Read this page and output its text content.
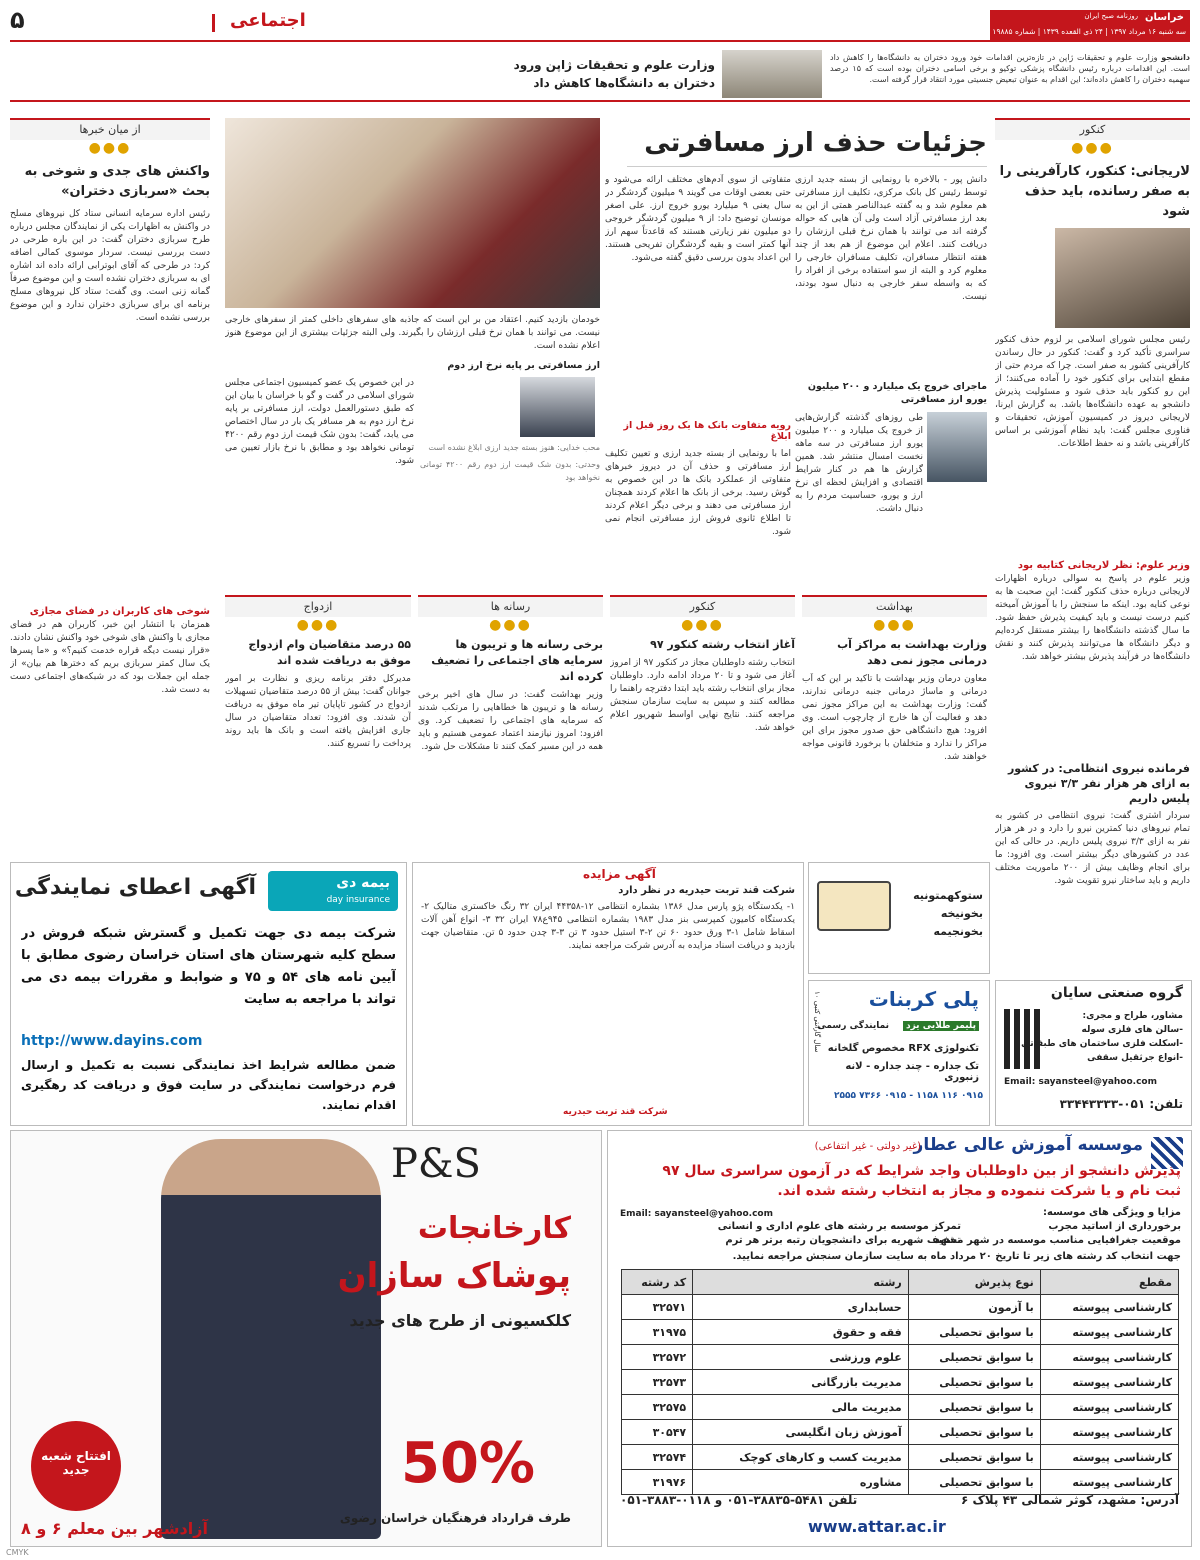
۵	اجتماعی	خراسان
روزنامه صبح ایران
سه شنبه ۱۶ مرداد ۱۳۹۷ | ۲۴ ذی القعده ۱۴۳۹ | شماره ۱۹۸۸۵
دانشجو وزارت علوم و تحقیقات ژاپن در تازه‌ترین اقدامات خود ورود دختران به دانشگاه‌ها را کاهش داد است. این اقدامات درباره رئیس دانشگاه پزشکی توکیو و برخی اسامی دختران بوده است که ۱۵ درصد سهمیه دختران را کاهش داده‌اند؛ این اقدام به عنوان تبعیض جنسیتی مورد انتقاد قرار گرفته است.
وزارت علوم و تحقیقات ژاپن ورود
دختران به دانشگاه‌ها کاهش داد
کنکور
●●●
لاریجانی: کنکور، کارآفرینی را به صفر رسانده، باید حذف شود
رئیس مجلس شورای اسلامی بر لزوم حذف کنکور سراسری تأکید کرد و گفت: کنکور در حال رساندن کارآفرینی کشور به صفر است. چرا که مردم حتی از مقطع ابتدایی برای کنکور خود را آماده می‌کنند؛ از این رو کنکور باید حذف شود و مسئولیت پذیرش دانشجو به عهده دانشگاه‌ها باشد. به گزارش ایرنا، لاریجانی دیروز در کمیسیون آموزش، تحقیقات و فناوری مجلس گفت: باید نظام آموزشی بر اساس کارآفرینی باشد و نه حفظ اطلاعات.
وزیر علوم: نظر لاریجانی کتابیه بود
وزیر علوم در پاسخ به سوالی درباره اظهارات لاریجانی درباره حذف کنکور گفت: این صحبت ها به نوعی کنایه بود. اینکه ما سنجش را با آموزش آمیخته کنیم درست نیست و باید کیفیت پذیرش حفظ شود. ما سال گذشته دانشگاه‌ها را بیشتر مستقل کرده‌ایم و دیگر دانشگاه ها می‌توانند پذیرش کنند و نقش دانشگاه‌ها در فرآیند پذیرش بیشتر خواهد شد.
فرمانده نیروی انتظامی: در کشور به ازای هر هزار نفر ۳/۳ نیروی پلیس داریم
سردار اشتری گفت: نیروی انتظامی در کشور به تمام نیروهای دنیا کمترین نیرو را دارد و در هر هزار نفر به ازای ۳/۳ نیروی پلیس داریم. در حالی که این عدد در کشورهای دیگر بیشتر است. وی افزود: ما برای انجام وظایف بیش از ۲۰۰ ماموریت مختلف داریم و باید ساختار نیرو تقویت شود.
جزئیات حذف ارز مسافرتی
دانش پور - بالاخره با رونمایی از بسته جدید ارزی توسط رئیس کل بانک مرکزی، تکلیف ارز مسافرتی هم معلوم شد و به گفته عبدالناصر همتی از این به بعد ارز مسافرتی آزاد است ولی آن هایی که حواله گرفته اند می توانند با همان نرخ قبلی ارزشان را دریافت کنند. اعلام این موضوع از هم بعد از چند هفته انتظار مسافران، تکلیف مسافران خارجی را معلوم کرد و البته از سو استفاده برخی از افراد را که به واسطه سفر خارجی به دنبال سود بودند، نیست.
ماجرای خروج یک میلیارد و ۲۰۰ میلیون یورو ارز مسافرتی
طی روزهای گذشته گزارش‌هایی از خروج یک میلیارد و ۲۰۰ میلیون یورو ارز مسافرتی در سه ماهه نخست امسال منتشر شد. همین گزارش ها هم در کنار شرایط اقتصادی و افزایش لحظه ای نرخ ارز و یورو، حساسیت مردم را به دنبال داشت.
متفاوتی از سوی آدم‌های مختلف ارائه می‌شود و حتی بعضی اوقات می گویند ۹ میلیون گردشگر در سال یعنی ۹ میلیارد یورو خروج ارز. علی اصغر مونسان توضیح داد: از ۹ میلیون گردشگر خروجی دو میلیون نفر زیارتی هستند که قاعدتاً سهم ارز آنها کمتر است و بقیه گردشگران تفریحی هستند. این اعداد بدون بررسی دقیق گفته می‌شود.
رویه متفاوت بانک ها یک روز قبل از ابلاغ
اما با رونمایی از بسته جدید ارزی و تعیین تکلیف ارز مسافرتی و حذف آن در دیروز خبرهای متفاوتی از عملکرد بانک ها در این خصوص به گوش رسید. برخی از بانک ها اعلام کردند همچنان ارز مسافرتی می دهند و برخی دیگر اعلام کردند تا اطلاع ثانوی فروش ارز مسافرتی انجام نمی شود.
خودمان بازدید کنیم. اعتقاد من بر این است که جاذبه های سفرهای داخلی کمتر از سفرهای خارجی نیست. می توانند با همان نرخ قبلی ارزشان را بگیرند. ولی البته جزئیات بیشتری از این موضوع هنوز اعلام نشده است.
ارز مسافرتی بر پایه نرخ ارز دوم
در این خصوص یک عضو کمیسیون اجتماعی مجلس شورای اسلامی در گفت و گو با خراسان با بیان این که طبق دستورالعمل دولت، ارز مسافرتی بر پایه نرخ ارز دوم به هر مسافر یک بار در سال اختصاص می یابد، گفت: بدون شک قیمت ارز دوم رقم ۴۲۰۰ تومانی نخواهد بود و مطابق با نرخ بازار تعیین می شود.
محب خدایی: هنوز بسته جدید ارزی ابلاغ نشده است
وحدتی: بدون شک قیمت ارز دوم رقم ۴۲۰۰ تومانی نخواهد بود
از میان خبرها
●●●
واکنش های جدی و شوخی به بحث «سربازی دختران»
رئیس اداره سرمایه انسانی ستاد کل نیروهای مسلح در واکنش به اظهارات یکی از نمایندگان مجلس درباره طرح سربازی دختران گفت: در این باره طرحی در دست بررسی نیست. سردار موسوی کمالی اضافه کرد: در طرحی که آقای ابوترابی ارائه داده اند اشاره ای به سربازی دختران نشده است و این موضوع صرفاً گمانه زنی است. وی گفت: ستاد کل نیروهای مسلح برنامه ای برای سربازی دختران ندارد و این موضوع بررسی نشده است.
شوخی های کاربران در فضای مجازی
همزمان با انتشار این خبر، کاربران هم در فضای مجازی با واکنش های شوخی خود واکنش نشان دادند. «قرار نیست دیگه قراره خدمت کنیم؟» و «ما پسرها یک سال کمتر سربازی بریم که دخترها هم بیان» از جمله این جملات بود که در شبکه‌های اجتماعی دست به دست شد.
بهداشت
●●●
وزارت بهداشت به مراکز آب درمانی مجوز نمی دهد
معاون درمان وزیر بهداشت با تاکید بر این که آب درمانی و ماساژ درمانی جنبه درمانی ندارند، گفت: وزارت بهداشت به این مراکز مجوز نمی دهد و فعالیت آن ها خارج از چارچوب است. وی افزود: هیچ دانشگاهی حق صدور مجوز برای این مراکز را ندارد و متخلفان با برخورد قانونی مواجه خواهند شد.
کنکور
●●●
آغاز انتخاب رشته کنکور ۹۷
انتخاب رشته داوطلبان مجاز در کنکور ۹۷ از امروز آغاز می شود و تا ۲۰ مرداد ادامه دارد. داوطلبان مجاز برای انتخاب رشته باید ابتدا دفترچه راهنما را مطالعه کنند و سپس به سایت سازمان سنجش مراجعه کنند. نتایج نهایی اواسط شهریور اعلام خواهد شد.
رسانه ها
●●●
برخی رسانه ها و تریبون ها سرمایه های اجتماعی را تضعیف کرده اند
وزیر بهداشت گفت: در سال های اخیر برخی رسانه ها و تریبون ها خطاهایی را مرتکب شدند که سرمایه های اجتماعی را تضعیف کرد. وی افزود: امروز نیازمند اعتماد عمومی هستیم و باید همه در این مسیر کمک کنند تا مشکلات حل شود.
ازدواج
●●●
۵۵ درصد متقاضیان وام ازدواج موفق به دریافت شده اند
مدیرکل دفتر برنامه ریزی و نظارت بر امور جوانان گفت: بیش از ۵۵ درصد متقاضیان تسهیلات ازدواج در کشور تاپایان تیر ماه موفق به دریافت آن شدند. وی افزود: تعداد متقاضیان در سال جاری افزایش یافته است و بانک ها باید روند پرداخت را تسریع کنند.
بیمه دی
day insurance
آگهی اعطای نمایندگی
شرکت بیمه دی جهت تکمیل و گسترش شبکه فروش در سطح کلیه شهرستان های استان خراسان رضوی مطابق با آیین نامه های ۵۴ و ۷۵ و ضوابط و مقررات بیمه دی می تواند با مراجعه به سایت
http://www.dayins.com
ضمن مطالعه شرایط اخذ نمایندگی نسبت به تکمیل و ارسال فرم درخواست نمایندگی در سایت فوق و دریافت کد رهگیری اقدام نمایند.
آگهی مزایده
شرکت قند تربت حیدریه در نظر دارد
۱- یکدستگاه پژو پارس مدل ۱۳۸۶ بشماره انتظامی ۱۲-۴۴۳۵۸ ایران ۳۲ رنگ خاکستری متالیک ۲- یکدستگاه کامیون کمپرسی بنز مدل ۱۹۸۳ بشماره انتظامی ۹۴۵ع۷۸ ایران ۳۲ ۳- انواع آهن آلات اسقاط شامل ۱-۳ ورق حدود ۶۰ تن ۲-۳ استیل حدود ۳ تن ۳-۳ چدن حدود ۵ تن. متقاضیان جهت بازدید و دریافت اسناد مزایده به آدرس شرکت مراجعه نمایند.
شرکت قند تربت حیدریه
ستوکهمتونیه بخونیخه بخونجیمه
پلی کربنات
نمایندگی رسمی	پلیمر طلایی یزد
تکنولوژی RFX مخصوص گلخانه
تک جداره - چند جداره - لانه زنبوری
۰۹۱۵ ۱۱۶ ۱۱۵۸ - ۰۹۱۵ ۷۳۶۶ ۲۵۵۵
۱۰ سال گارانتی کتبی
گروه صنعتی سایان
مشاور، طراح و مجری:
-سالن های فلزی سوله
-اسکلت فلزی ساختمان های طبقاتی
-انواع جرثقیل سقفی
Email: sayansteel@yahoo.com
تلفن: ۰۵۱-۳۳۴۴۳۳۳۳
P&S
کارخانجات
پوشاک سازان
کلکسیونی از طرح های جدید
50%
طرف قرارداد فرهنگیان خراسان رضوی
آزادشهر بین معلم ۶ و ۸
افتتاح شعبه جدید
موسسه آموزش عالی عطار
(غیر دولتی - غیر انتفاعی)
پذیرش دانشجو از بین داوطلبان واجد شرایط که در آزمون سراسری سال ۹۷
ثبت نام و یا شرکت ننموده و مجاز به انتخاب رشته شده اند.
مزایا و ویژگی های موسسه:
برخورداری از اساتید مجرب
تمرکز موسسه بر رشته های علوم اداری و انسانی
موقعیت جغرافیایی مناسب موسسه در شهر مشهد
تخفیف شهریه برای دانشجویان رتبه برتر هر ترم
Email: sayansteel@yahoo.com
جهت انتخاب کد رشته های زیر تا تاریخ ۲۰ مرداد ماه به سایت سازمان سنجش مراجعه نمایید.
مقطع	نوع پذیرش	رشته	کد رشته
کارشناسی پیوسته	با آزمون	حسابداری	۳۲۵۷۱
کارشناسی پیوسته	با سوابق تحصیلی	فقه و حقوق	۳۱۹۷۵
کارشناسی پیوسته	با سوابق تحصیلی	علوم ورزشی	۳۲۵۷۲
کارشناسی پیوسته	با سوابق تحصیلی	مدیریت بازرگانی	۳۲۵۷۳
کارشناسی پیوسته	با سوابق تحصیلی	مدیریت مالی	۳۲۵۷۵
کارشناسی پیوسته	با سوابق تحصیلی	آموزش زبان انگلیسی	۳۰۵۴۷
کارشناسی پیوسته	با سوابق تحصیلی	مدیریت کسب و کارهای کوچک	۳۲۵۷۴
کارشناسی پیوسته	با سوابق تحصیلی	مشاوره	۳۱۹۷۶
آدرس: مشهد، کوثر شمالی ۴۳ پلاک ۶
تلفن ۵۴۸۱-۳۸۸۳۵-۰۵۱ و ۰۱۱۸-۳۸۸۳-۰۵۱
www.attar.ac.ir
CMYK
